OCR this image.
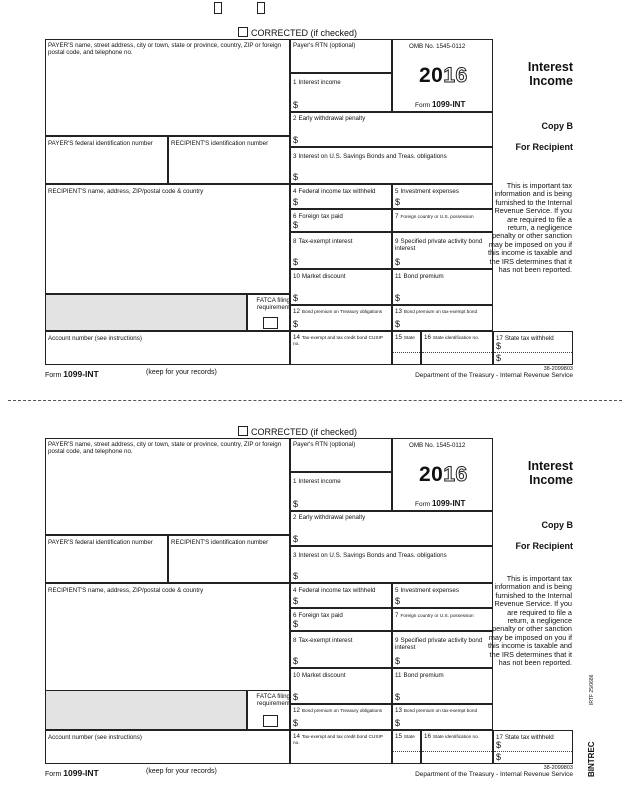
CORRECTED (if checked)
PAYER'S name, street address, city or town, state or province, country, ZIP or foreign postal code, and telephone no.
Payer's RTN (optional)
1 Interest income
$
OMB No. 1545-0112
2016
Form 1099-INT
Interest
Income
2 Early withdrawal penalty
$
Copy B
For Recipient
PAYER'S federal identification number	RECIPIENT'S identification number
3 Interest on U.S. Savings Bonds and Treas. obligations
$
RECIPIENT'S name, address, ZIP/postal code & country	4 Federal income tax withheld
$
5 Investment expenses
$
6 Foreign tax paid
$
7 Foreign country or U.S. possession
8 Tax-exempt interest
$
9 Specified private activity bond interest
$
10 Market discount
$
11 Bond premium
$
This is important tax information and is being furnished to the Internal Revenue Service. If you are required to file a return, a negligence penalty or other sanction may be imposed on you if this income is taxable and the IRS determines that it has not been reported.
FATCA filing requirement
12 Bond premium on Treasury obligations
$
13 Bond premium on tax-exempt bond
$
Account number (see instructions)	14 Tax-exempt and tax credit bond CUSIP no.
15 State 16 State identification no.	17 State tax withheld
$
$
Form 1099-INT	(keep for your records)	38-2099803
Department of the Treasury - Internal Revenue Service
CORRECTED (if checked)
PAYER'S name, street address, city or town, state or province, country, ZIP or foreign postal code, and telephone no.
Payer's RTN (optional)
1 Interest income
$
OMB No. 1545-0112
2016
Form 1099-INT
Interest
Income
2 Early withdrawal penalty
$
Copy B
For Recipient
PAYER'S federal identification number	RECIPIENT'S identification number
3 Interest on U.S. Savings Bonds and Treas. obligations
$
RECIPIENT'S name, address, ZIP/postal code & country	4 Federal income tax withheld
$
5 Investment expenses
$
6 Foreign tax paid
$
7 Foreign country or U.S. possession
8 Tax-exempt interest
$
9 Specified private activity bond interest
$
10 Market discount
$
11 Bond premium
$
This is important tax information and is being furnished to the Internal Revenue Service. If you are required to file a return, a negligence penalty or other sanction may be imposed on you if this income is taxable and the IRS determines that it has not been reported.
FATCA filing requirement
12 Bond premium on Treasury obligations
$
13 Bond premium on tax-exempt bond
$
Account number (see instructions)	14 Tax-exempt and tax credit bond CUSIP no.
15 State 16 State identification no.	17 State tax withheld
$
$
Form 1099-INT	(keep for your records)	38-2099803
Department of the Treasury - Internal Revenue Service
IRTF 25/0686
BINTREC
